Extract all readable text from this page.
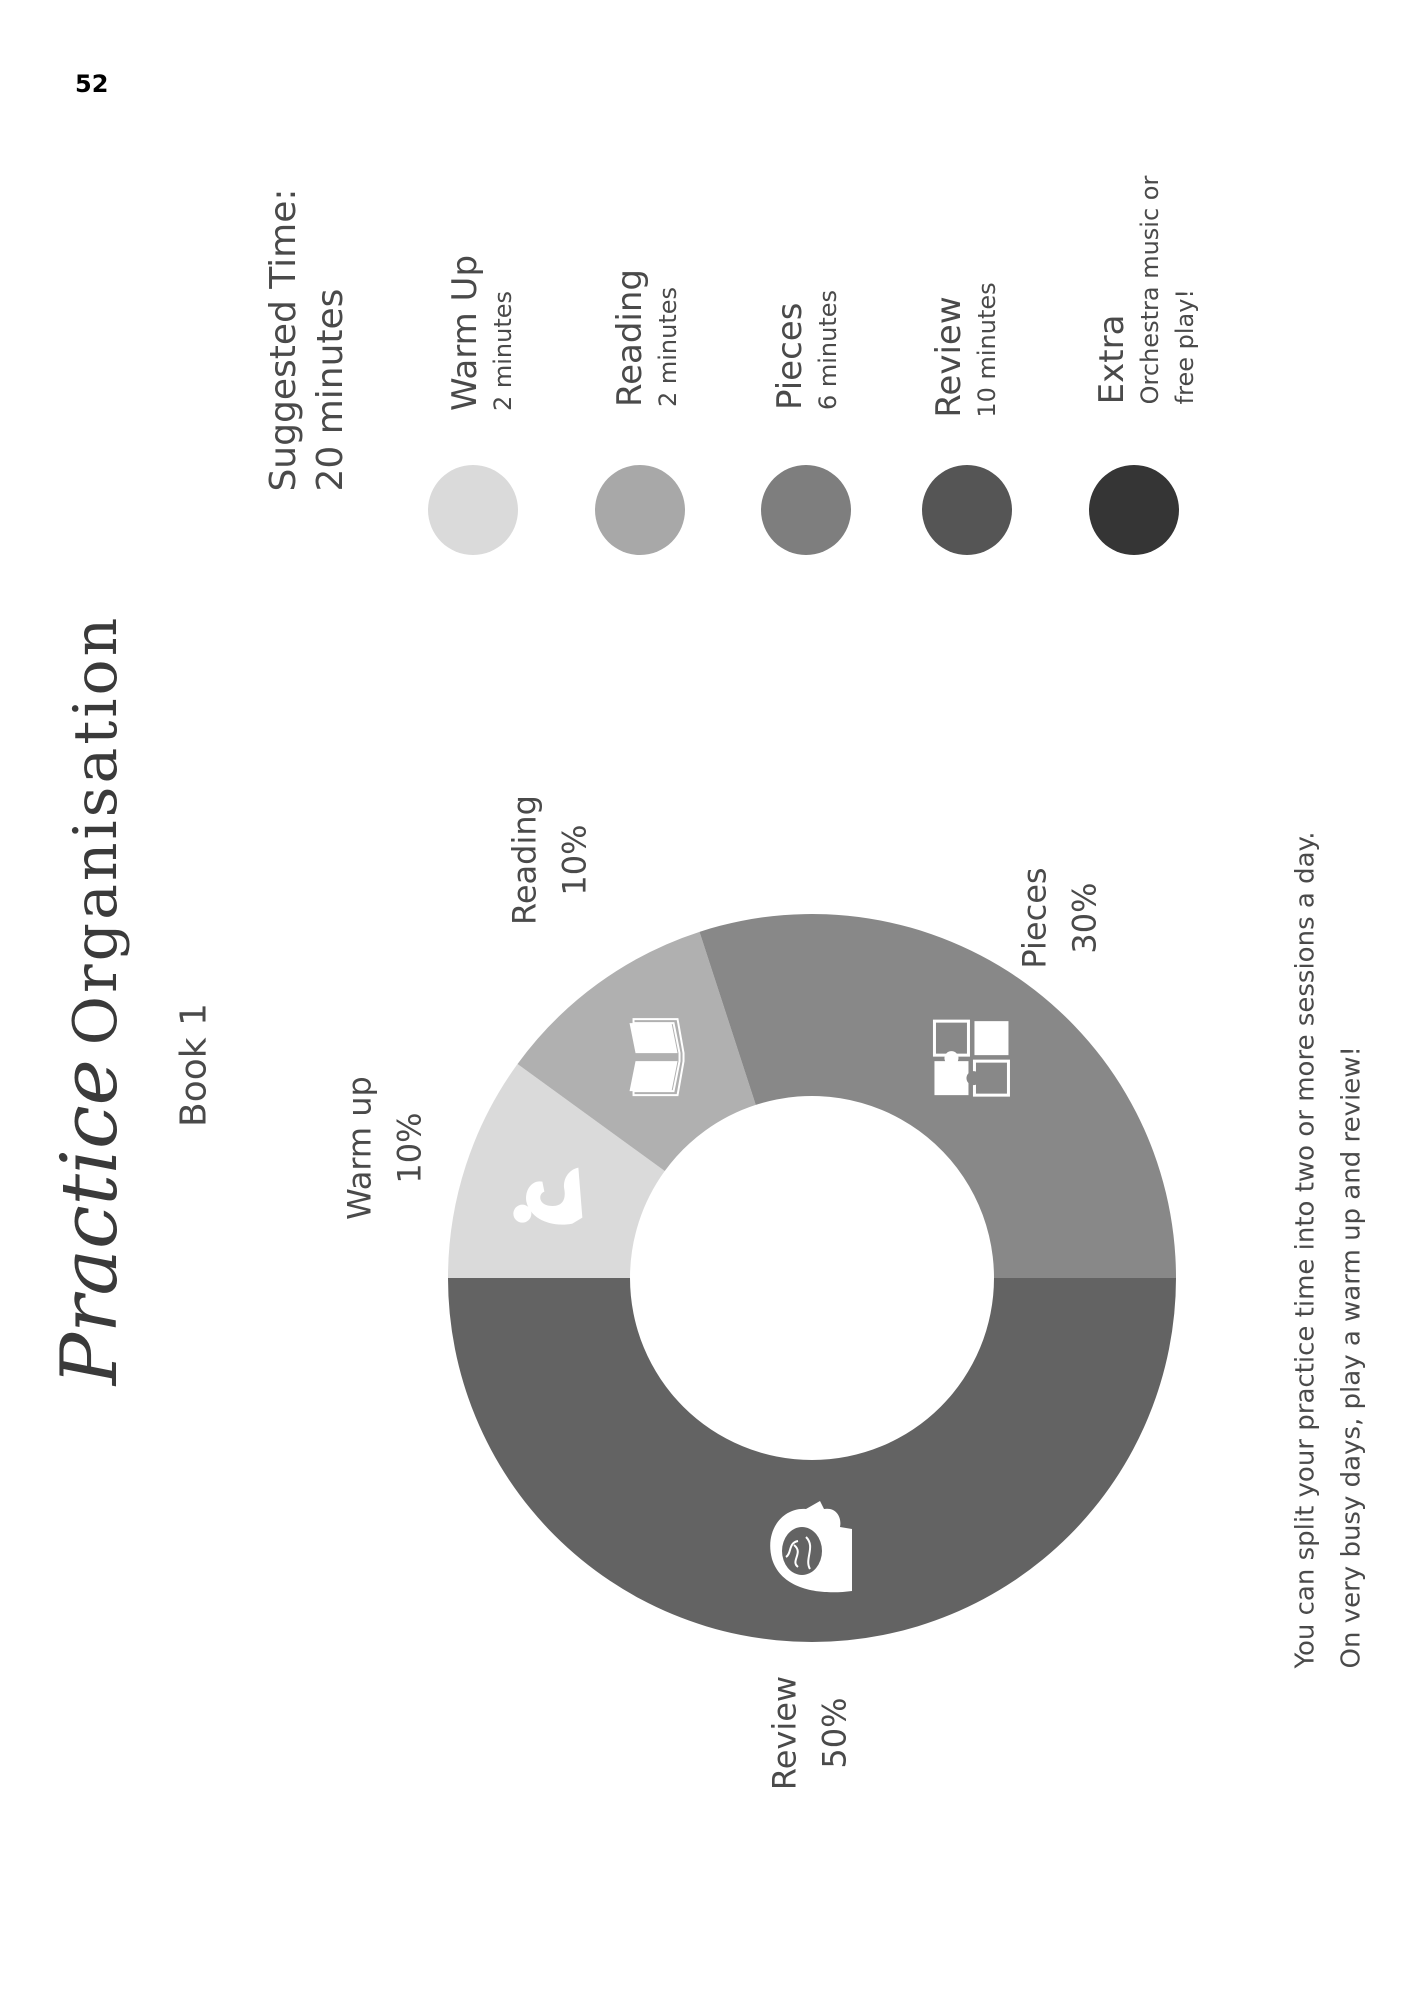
52
PracticeOrganisation
Book 1
Suggested Time: 20 minutes	Warm Up 2 minutes	Reading 2 minutes	Pieces 6 minutes	Review 10 minutes	Extra Orchestra music or free play!
Warm up 10%
Reading 10%
Pieces 30%
Review 50%
You can split your practice time into two or more sessions a day. On very busy days, play a warm up and review!
